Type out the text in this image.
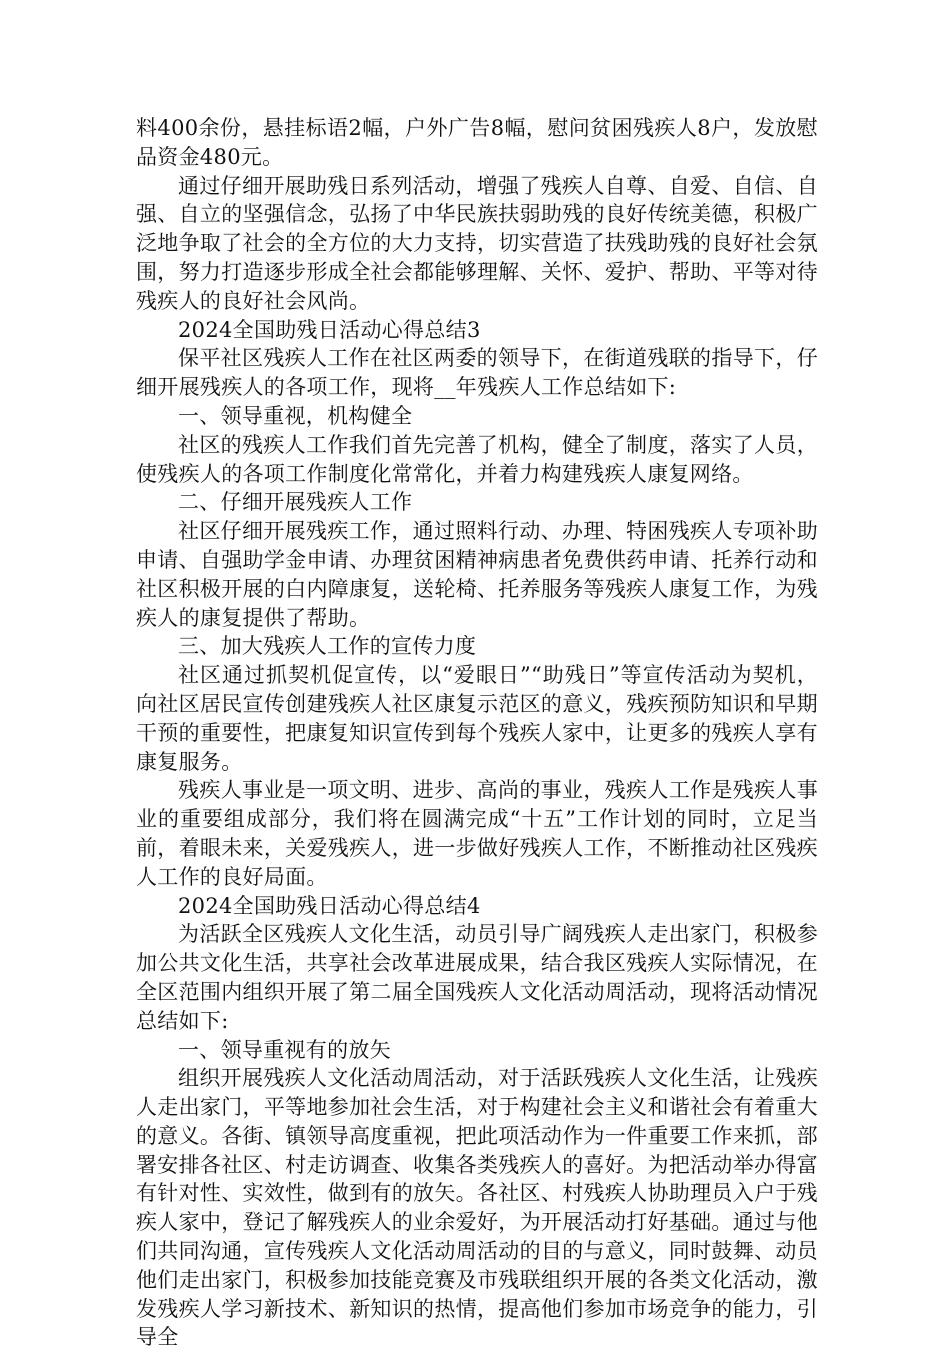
料400余份，悬挂标语2幅，户外广告8幅，慰问贫困残疾人8户，发放慰品资金480元。

通过仔细开展助残日系列活动，增强了残疾人自尊、自爱、自信、自强、自立的坚强信念，弘扬了中华民族扶弱助残的良好传统美德，积极广泛地争取了社会的全方位的大力支持，切实营造了扶残助残的良好社会氛围，努力打造逐步形成全社会都能够理解、关怀、爱护、帮助、平等对待残疾人的良好社会风尚。

2024全国助残日活动心得总结3

保平社区残疾人工作在社区两委的领导下，在街道残联的指导下，仔细开展残疾人的各项工作，现将__年残疾人工作总结如下:

一、领导重视，机构健全

社区的残疾人工作我们首先完善了机构，健全了制度，落实了人员，使残疾人的各项工作制度化常常化，并着力构建残疾人康复网络。

二、仔细开展残疾人工作

社区仔细开展残疾工作，通过照料行动、办理、特困残疾人专项补助申请、自强助学金申请、办理贫困精神病患者免费供药申请、托养行动和社区积极开展的白内障康复，送轮椅、托养服务等残疾人康复工作，为残疾人的康复提供了帮助。

三、加大残疾人工作的宣传力度

社区通过抓契机促宣传，以“爱眼日”“助残日”等宣传活动为契机，向社区居民宣传创建残疾人社区康复示范区的意义，残疾预防知识和早期干预的重要性，把康复知识宣传到每个残疾人家中，让更多的残疾人享有康复服务。

残疾人事业是一项文明、进步、高尚的事业，残疾人工作是残疾人事业的重要组成部分，我们将在圆满完成“十五”工作计划的同时，立足当前，着眼未来，关爱残疾人，进一步做好残疾人工作，不断推动社区残疾人工作的良好局面。

2024全国助残日活动心得总结4

为活跃全区残疾人文化生活，动员引导广阔残疾人走出家门，积极参加公共文化生活，共享社会改革进展成果，结合我区残疾人实际情况，在全区范围内组织开展了第二届全国残疾人文化活动周活动，现将活动情况总结如下:

一、领导重视有的放矢

组织开展残疾人文化活动周活动，对于活跃残疾人文化生活，让残疾人走出家门，平等地参加社会生活，对于构建社会主义和谐社会有着重大的意义。各街、镇领导高度重视，把此项活动作为一件重要工作来抓，部署安排各社区、村走访调查、收集各类残疾人的喜好。为把活动举办得富有针对性、实效性，做到有的放矢。各社区、村残疾人协助理员入户于残疾人家中，登记了解残疾人的业余爱好，为开展活动打好基础。通过与他们共同沟通，宣传残疾人文化活动周活动的目的与意义，同时鼓舞、动员他们走出家门，积极参加技能竞赛及市残联组织开展的各类文化活动，激发残疾人学习新技术、新知识的热情，提高他们参加市场竞争的能力，引导全
